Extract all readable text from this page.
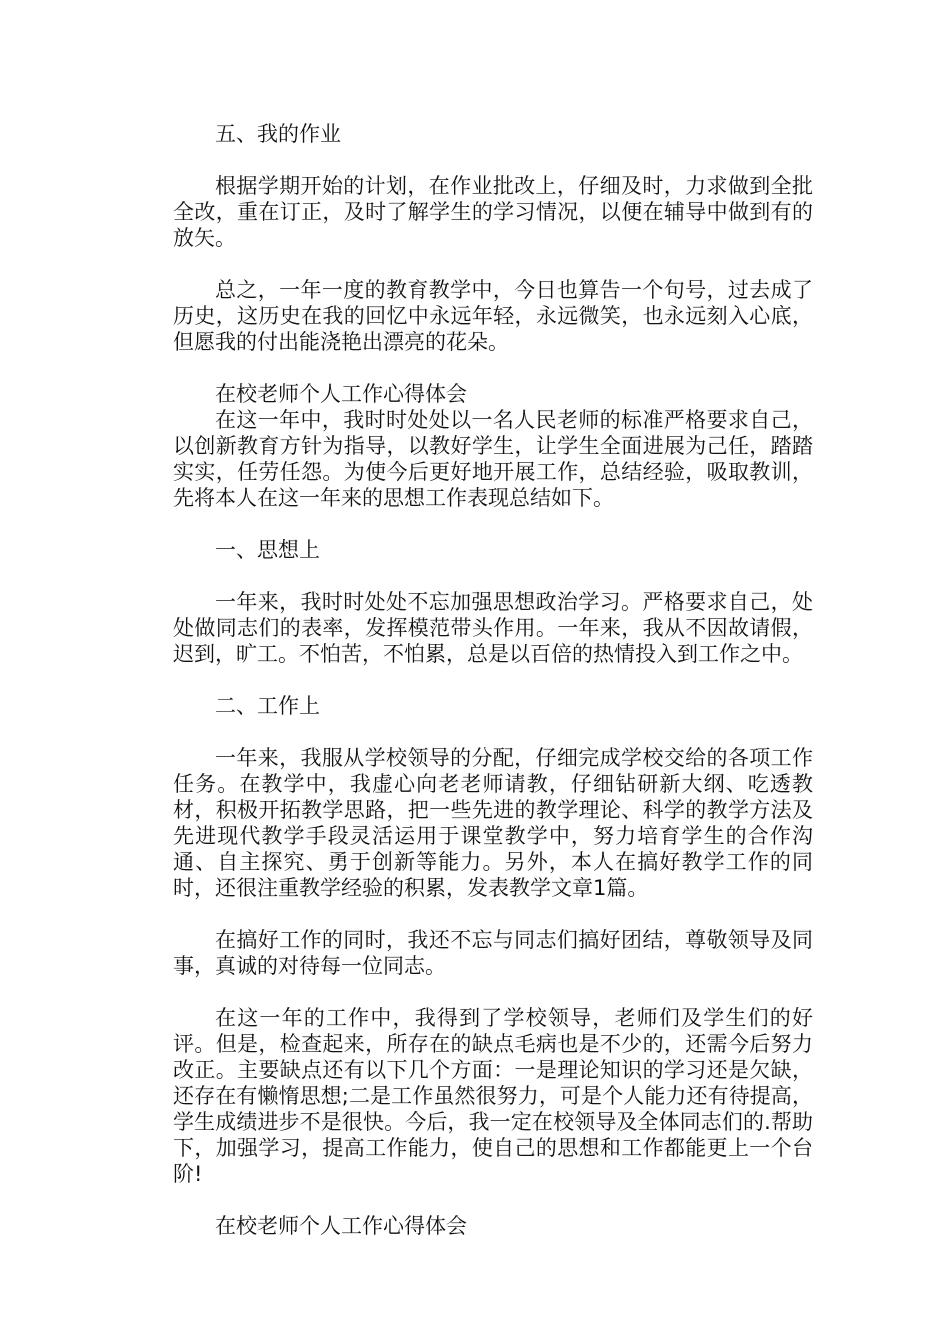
五、我的作业

根据学期开始的计划，在作业批改上，仔细及时，力求做到全批全改，重在订正，及时了解学生的学习情况，以便在辅导中做到有的放矢。

总之，一年一度的教育教学中，今日也算告一个句号，过去成了历史，这历史在我的回忆中永远年轻，永远微笑，也永远刻入心底，但愿我的付出能浇艳出漂亮的花朵。

在校老师个人工作心得体会

在这一年中，我时时处处以一名人民老师的标准严格要求自己，以创新教育方针为指导，以教好学生，让学生全面进展为己任，踏踏实实，任劳任怨。为使今后更好地开展工作，总结经验，吸取教训，先将本人在这一年来的思想工作表现总结如下。

一、思想上

一年来，我时时处处不忘加强思想政治学习。严格要求自己，处处做同志们的表率，发挥模范带头作用。一年来，我从不因故请假，迟到，旷工。不怕苦，不怕累，总是以百倍的热情投入到工作之中。

二、工作上

一年来，我服从学校领导的分配，仔细完成学校交给的各项工作任务。在教学中，我虚心向老老师请教，仔细钻研新大纲、吃透教材，积极开拓教学思路，把一些先进的教学理论、科学的教学方法及先进现代教学手段灵活运用于课堂教学中，努力培育学生的合作沟通、自主探究、勇于创新等能力。另外，本人在搞好教学工作的同时，还很注重教学经验的积累，发表教学文章1篇。

在搞好工作的同时，我还不忘与同志们搞好团结，尊敬领导及同事，真诚的对待每一位同志。

在这一年的工作中，我得到了学校领导，老师们及学生们的好评。但是，检查起来，所存在的缺点毛病也是不少的，还需今后努力改正。主要缺点还有以下几个方面：一是理论知识的学习还是欠缺，还存在有懒惰思想;二是工作虽然很努力，可是个人能力还有待提高，学生成绩进步不是很快。今后，我一定在校领导及全体同志们的.帮助下，加强学习，提高工作能力，使自己的思想和工作都能更上一个台阶!

在校老师个人工作心得体会
